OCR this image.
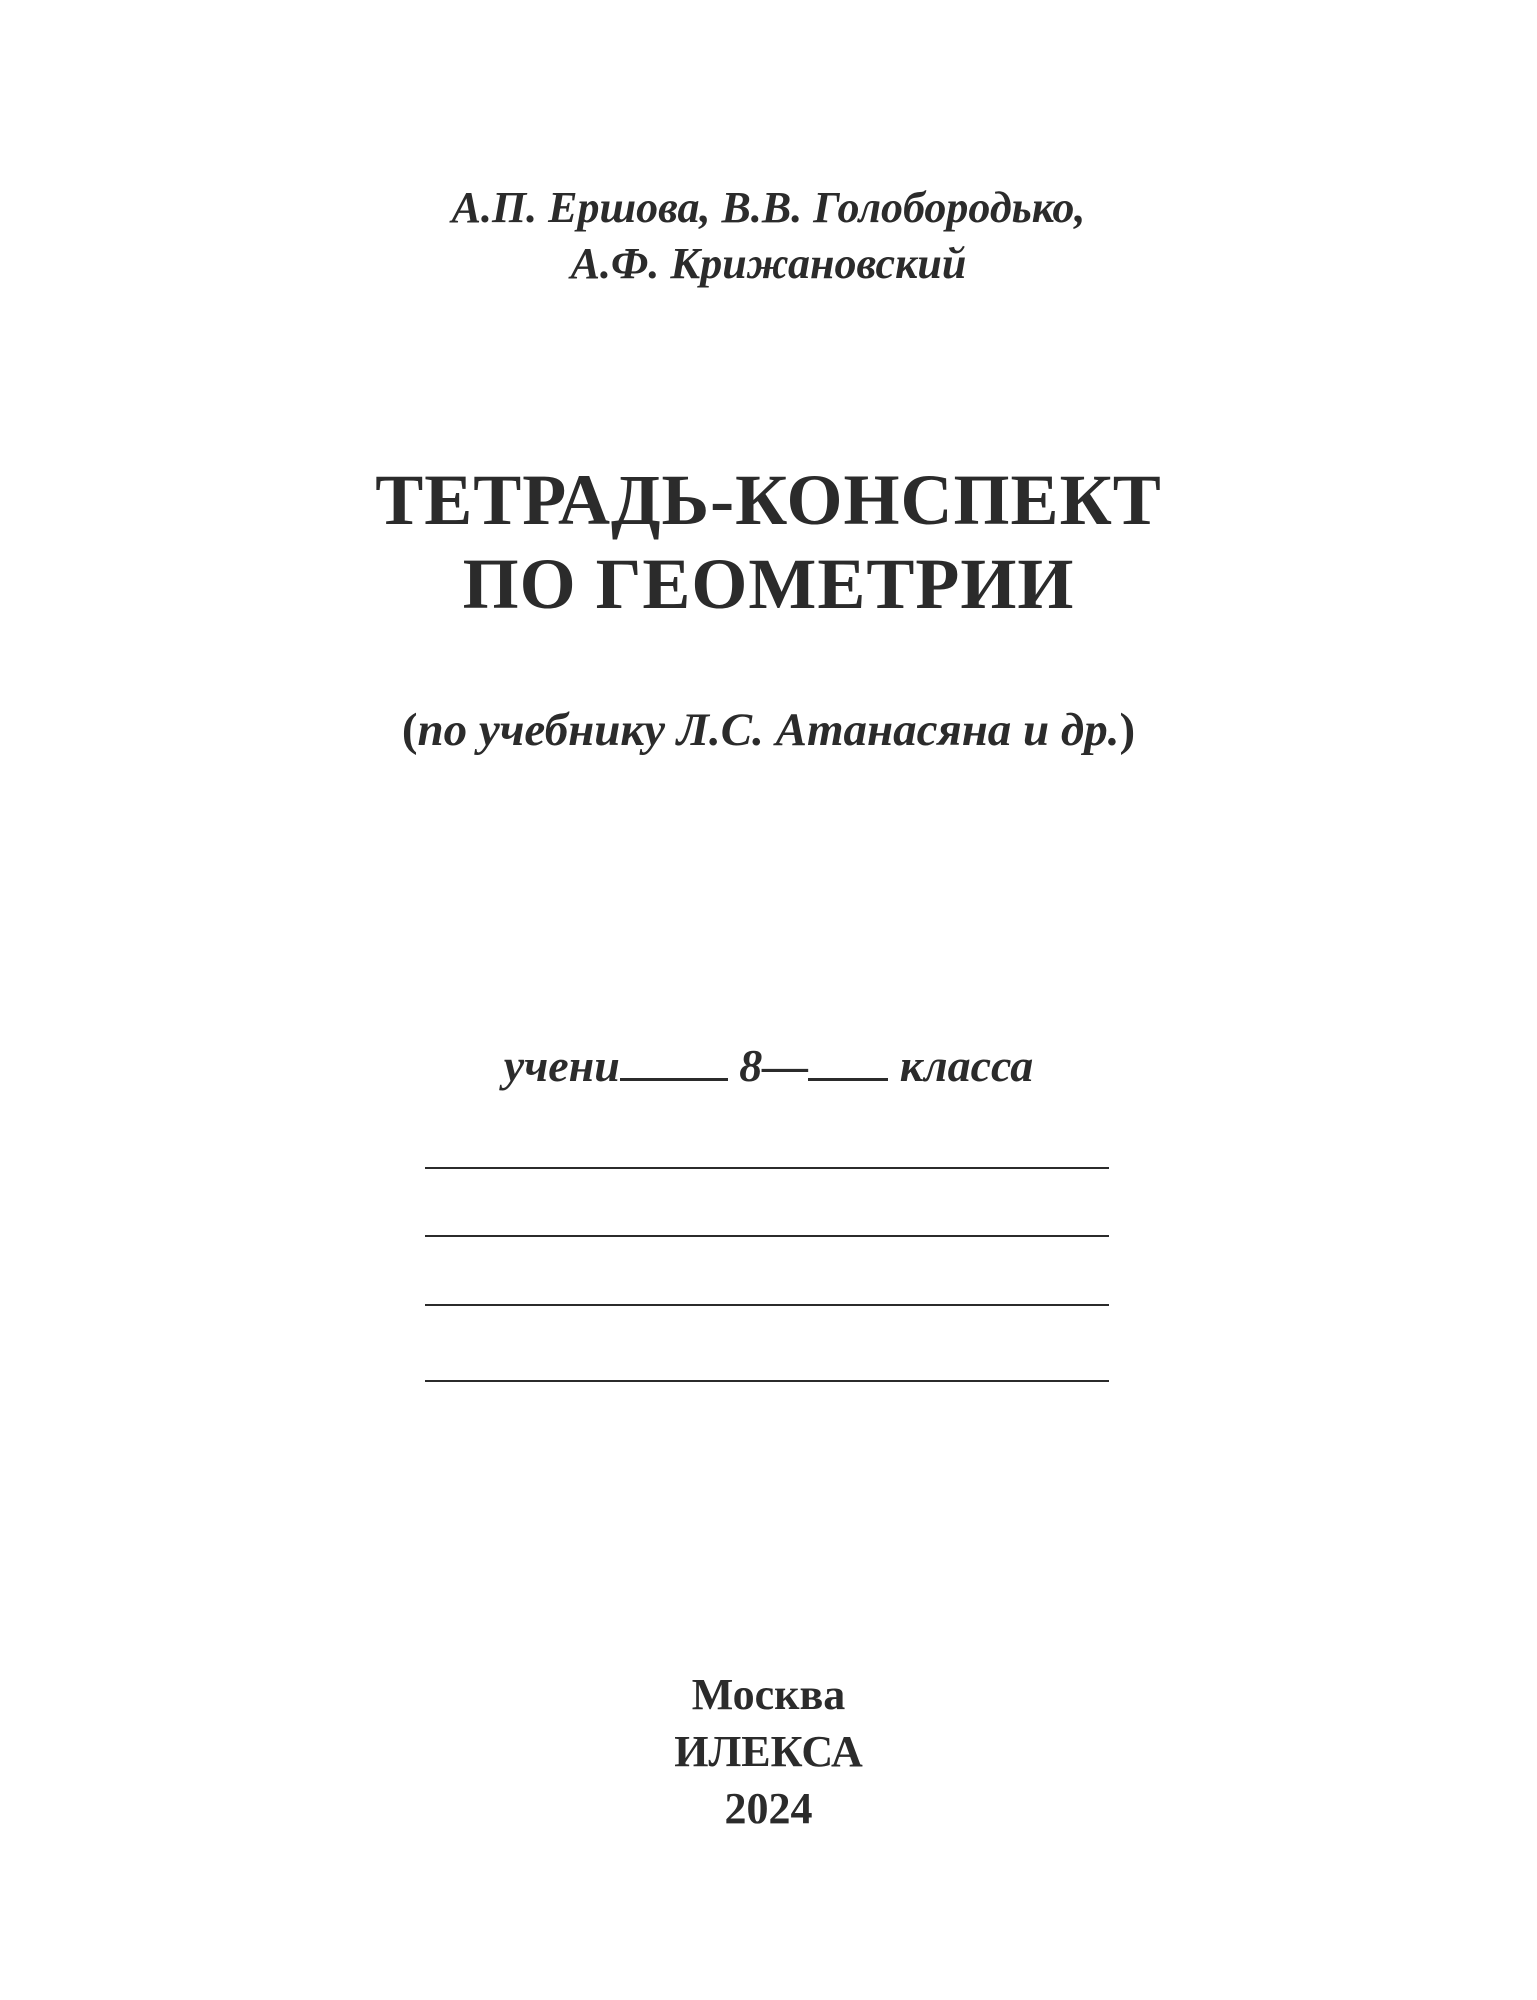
А.П. Ершова, В.В. Голобородько,
А.Ф. Крижановский
ТЕТРАДЬ-КОНСПЕКТ
ПО ГЕОМЕТРИИ
(по учебнику Л.С. Атанасяна и др.)
учени	8— класса
Москва
ИЛЕКСА
2024
